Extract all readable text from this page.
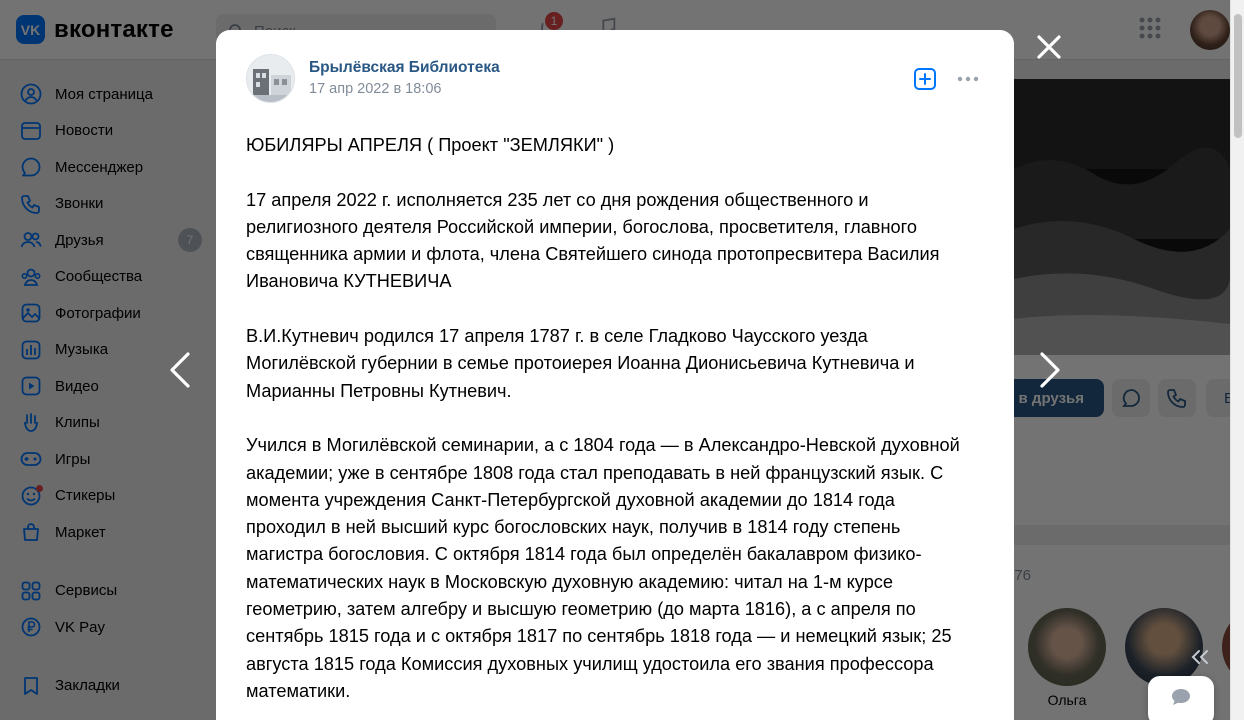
Брылёвская Библиотека
17 апр 2022 в 18:06

ЮБИЛЯРЫ АПРЕЛЯ ( Проект "ЗЕМЛЯКИ" )

17 апреля 2022 г. исполняется 235 лет со дня рождения общественного и
религиозного деятеля Российской империи, богослова, просветителя, главного
священника армии и флота, члена Святейшего синода протопресвитера Василия
Ивановича КУТНЕВИЧА

В.И.Кутневич родился 17 апреля 1787 г. в селе Гладково Чаусского уезда
Могилёвской губернии в семье протоиерея Иоанна Дионисьевича Кутневича и
Марианны Петровны Кутневич.

Учился в Могилёвской семинарии, а с 1804 года — в Александро-Невской духовной
академии; уже в сентябре 1808 года стал преподавать в ней французский язык. С
момента учреждения Санкт-Петербургской духовной академии до 1814 года
проходил в ней высший курс богословских наук, получив в 1814 году степень
магистра богословия. С октября 1814 года был определён бакалавром физико-
математических наук в Московскую духовную академию: читал на 1-м курсе
геометрию, затем алгебру и высшую геометрию (до марта 1816), а с апреля по
сентябрь 1815 года и с октября 1817 по сентябрь 1818 года — и немецкий язык; 25
августа 1815 года Комиссия духовных училищ удостоила его звания профессора
математики.
